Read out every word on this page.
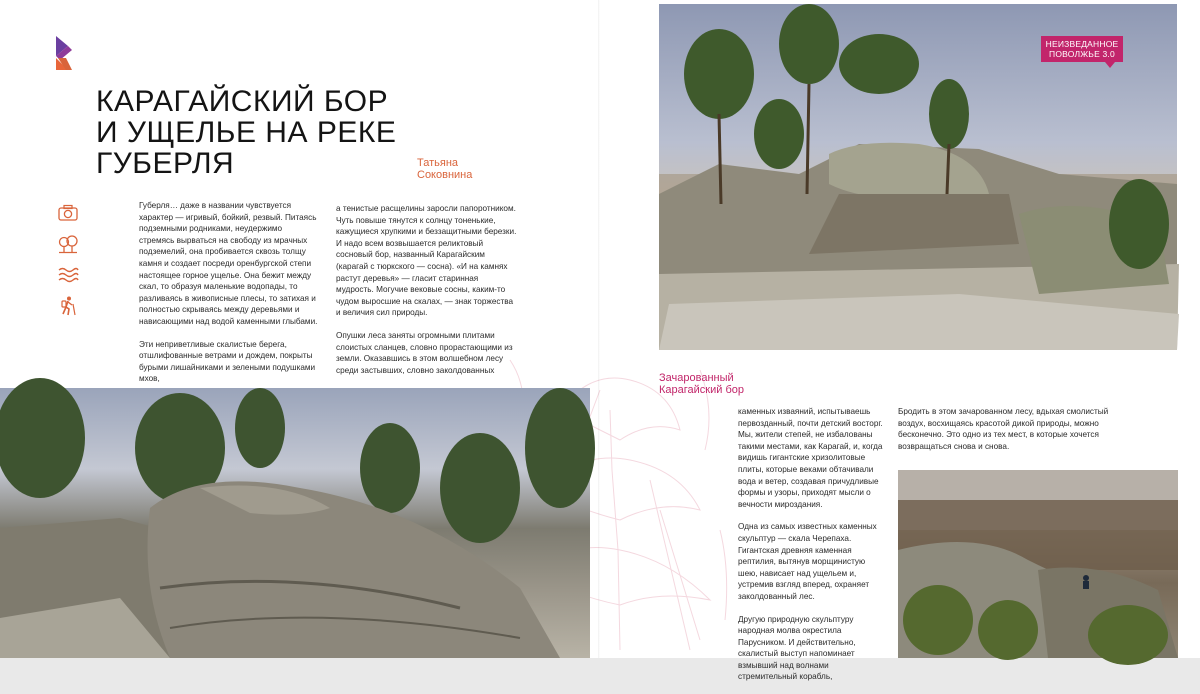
КАРАГАЙСКИЙ БОР
И УЩЕЛЬЕ НА РЕКЕ
ГУБЕРЛЯ	Татьяна
Соковнина

Губерля… даже в названии чувствуется характер — игривый, бойкий, резвый. Питаясь подземными родниками, неудержимо стремясь вырваться на свободу из мрачных подземелий, она пробивается сквозь толщу камня и создает посреди оренбургской степи настоящее горное ущелье. Она бежит между скал, то образуя маленькие водопады, то разливаясь в живописные плесы, то затихая и полностью скрываясь между деревьями и нависающими над водой каменными глыбами.

Эти неприветливые скалистые берега, отшлифованные ветрами и дождем, покрыты бурыми лишайниками и зелеными подушками мхов,

а тенистые расщелины заросли папоротником. Чуть повыше тянутся к солнцу тоненькие, кажущиеся хрупкими и беззащитными березки. И надо всем возвышается реликтовый сосновый бор, названный Карагайским (карагай с тюркского — сосна). «И на камнях растут деревья» — гласит старинная мудрость. Могучие вековые сосны, каким-то чудом выросшие на скалах, — знак торжества и величия сил природы.

Опушки леса заняты огромными плитами слоистых сланцев, словно прорастающими из земли. Оказавшись в этом волшебном лесу среди застывших, словно заколдованных

НЕИЗВЕДАННОЕ
ПОВОЛЖЬЕ 3.0
Зачарованный
Карагайский бор

каменных изваяний, испытываешь первозданный, почти детский восторг. Мы, жители степей, не избалованы такими местами, как Карагай, и, когда видишь гигантские хризолитовые плиты, которые веками обтачивали вода и ветер, создавая причудливые формы и узоры, приходят мысли о вечности мироздания.

Одна из самых известных каменных скульптур — скала Черепаха. Гигантская древняя каменная рептилия, вытянув морщинистую шею, нависает над ущельем и, устремив взгляд вперед, охраняет заколдованный лес.

Другую природную скульптуру народная молва окрестила Парусником. И действительно, скалистый выступ напоминает взмывший над волнами стремительный корабль,

Бродить в этом зачарованном лесу, вдыхая смолистый воздух, восхищаясь красотой дикой природы, можно бесконечно. Это одно из тех мест, в которые хочется возвращаться снова и снова.
